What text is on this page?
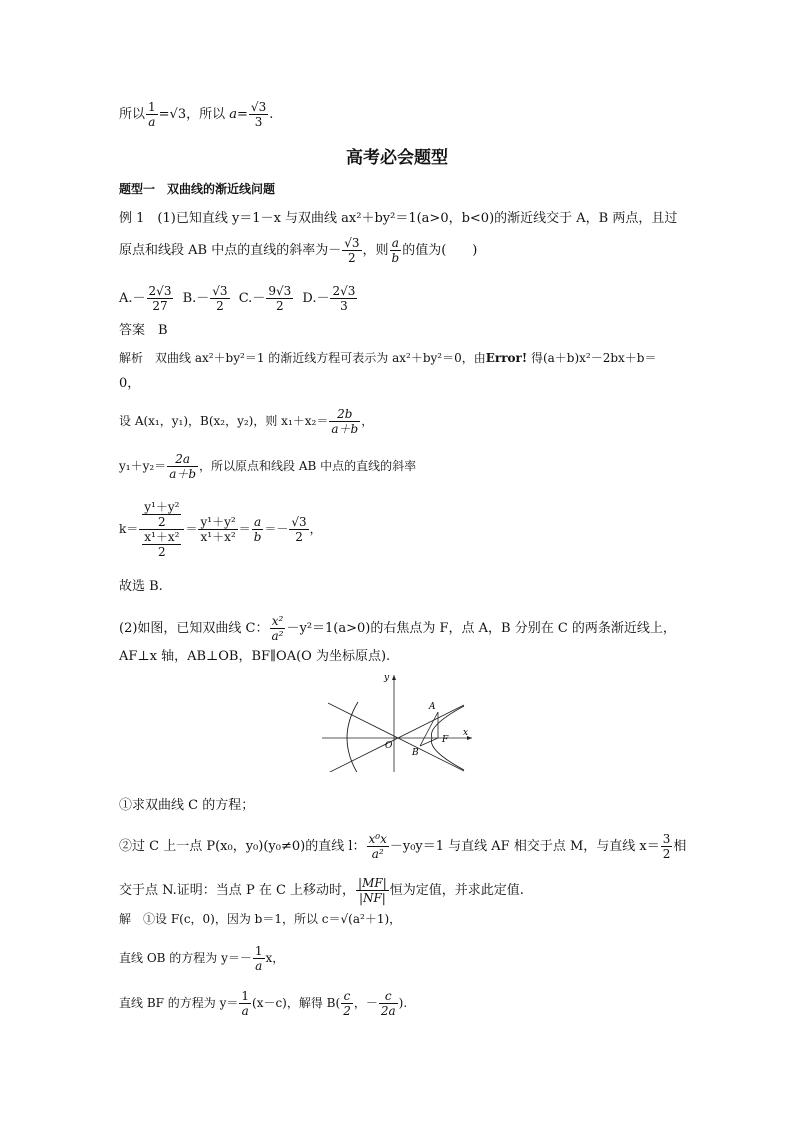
所以 $\frac{1}{a} =√3$，所以 $a= \frac{√3}{3}$ .
高考必会题型
题型一　双曲线的渐近线问题
例 1　(1)已知直线 y＝1－x 与双曲线 ax²＋by²＝1(a>0，b<0)的渐近线交于 A，B 两点，且过
原点和线段 AB 中点的直线的斜率为－ $\frac{√3}{2}$ ，则 $\frac{a}{b}$ 的值为(　　)
$A.- \frac{2√3}{27} B.- \frac{√3}{2} C.- \frac{9√3}{2} D.- \frac{2√3}{3}$
答案　B
解析　双曲线 ax²＋by²＝1 的渐近线方程可表示为 ax²＋by²＝0，由Error! 得(a＋b)x²－2bx＋b＝
0，
设 A(x₁，y₁)，B(x₂，y₂)，则 $x_1+x_2= \frac{2b}{a+b}$ ，
$y_1+y_2= \frac{2a}{a+b}$ ，所以原点和线段 AB 中点的直线的斜率
$k= \frac{\frac{\text{y¹＋y²}}{2}}{\frac{\text{x¹＋x²}}{2}} = \frac{\text{y¹＋y²}}{\text{x¹＋x²}} = \frac{a}{b} =- \frac{√3}{2}$ ，
故选 B.
(2)如图，已知双曲线 C： $\frac{\text{x²}}{\text{a²}} -y^2=1(a>0)$的右焦点为 F，点 A，B 分别在 C 的两条渐近线上，
AF⊥x 轴，AB⊥OB，BF∥OA(O 为坐标原点).
y
x
O
A
B
F
①求双曲线 C 的方程；
②过 C 上一点 P(x₀，y₀)(y₀≠0)的直线 l： $\frac{\text{x⁰x}}{\text{a²}} -y_0y=1$ 与直线 AF 相交于点 M，与直线 $x= \frac{3}{2}$ 相
交于点 N.证明：当点 P 在 C 上移动时， $\frac{|MF|}{|NF|}$ 恒为定值，并求此定值.
解　①设 F(c，0)，因为 b＝1，所以 c＝√(a²＋1)，
直线 OB 的方程为 $y=- \frac{1}{a}$ x，
直线 BF 的方程为 $y= \frac{1}{a} (x-c)$，解得 $B( \frac{c}{2}$ ，－ $\frac{c}{2a}$ ).
